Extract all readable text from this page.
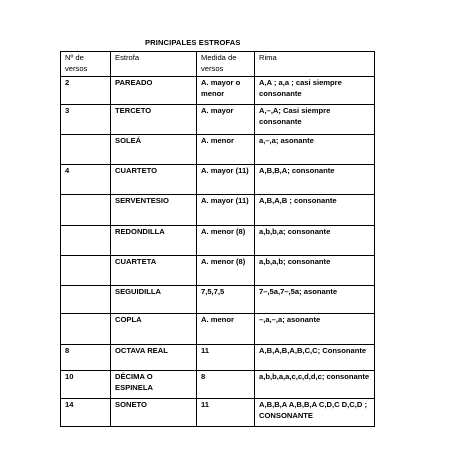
PRINCIPALES ESTROFAS
Nº de versos	Estrofa	Medida de versos	Rima
2	PAREADO	A. mayor o menor	A,A ; a,a ; casi siempre consonante
3	TERCETO	A. mayor	A,–,A; Casi siempre consonante
	SOLEÁ	A. menor	a,–,a; asonante
4	CUARTETO	A. mayor (11)	A,B,B,A; consonante
	SERVENTESIO	A. mayor (11)	A,B,A,B ; consonante
	REDONDILLA	A. menor (8)	a,b,b,a; consonante
	CUARTETA	A. menor (8)	a,b,a,b; consonante
	SEGUIDILLA	7,5,7,5	7–,5a,7–,5a; asonante
	COPLA	A. menor	–,a,–,a; asonante
8	OCTAVA REAL	11	A,B,A,B,A,B,C,C; Consonante
10	DÉCIMA O ESPINELA	8	a,b,b,a,a,c,c,d,d,c; consonante
14	SONETO	11	A,B,B,A A,B,B,A C,D,C D,C,D ; CONSONANTE
